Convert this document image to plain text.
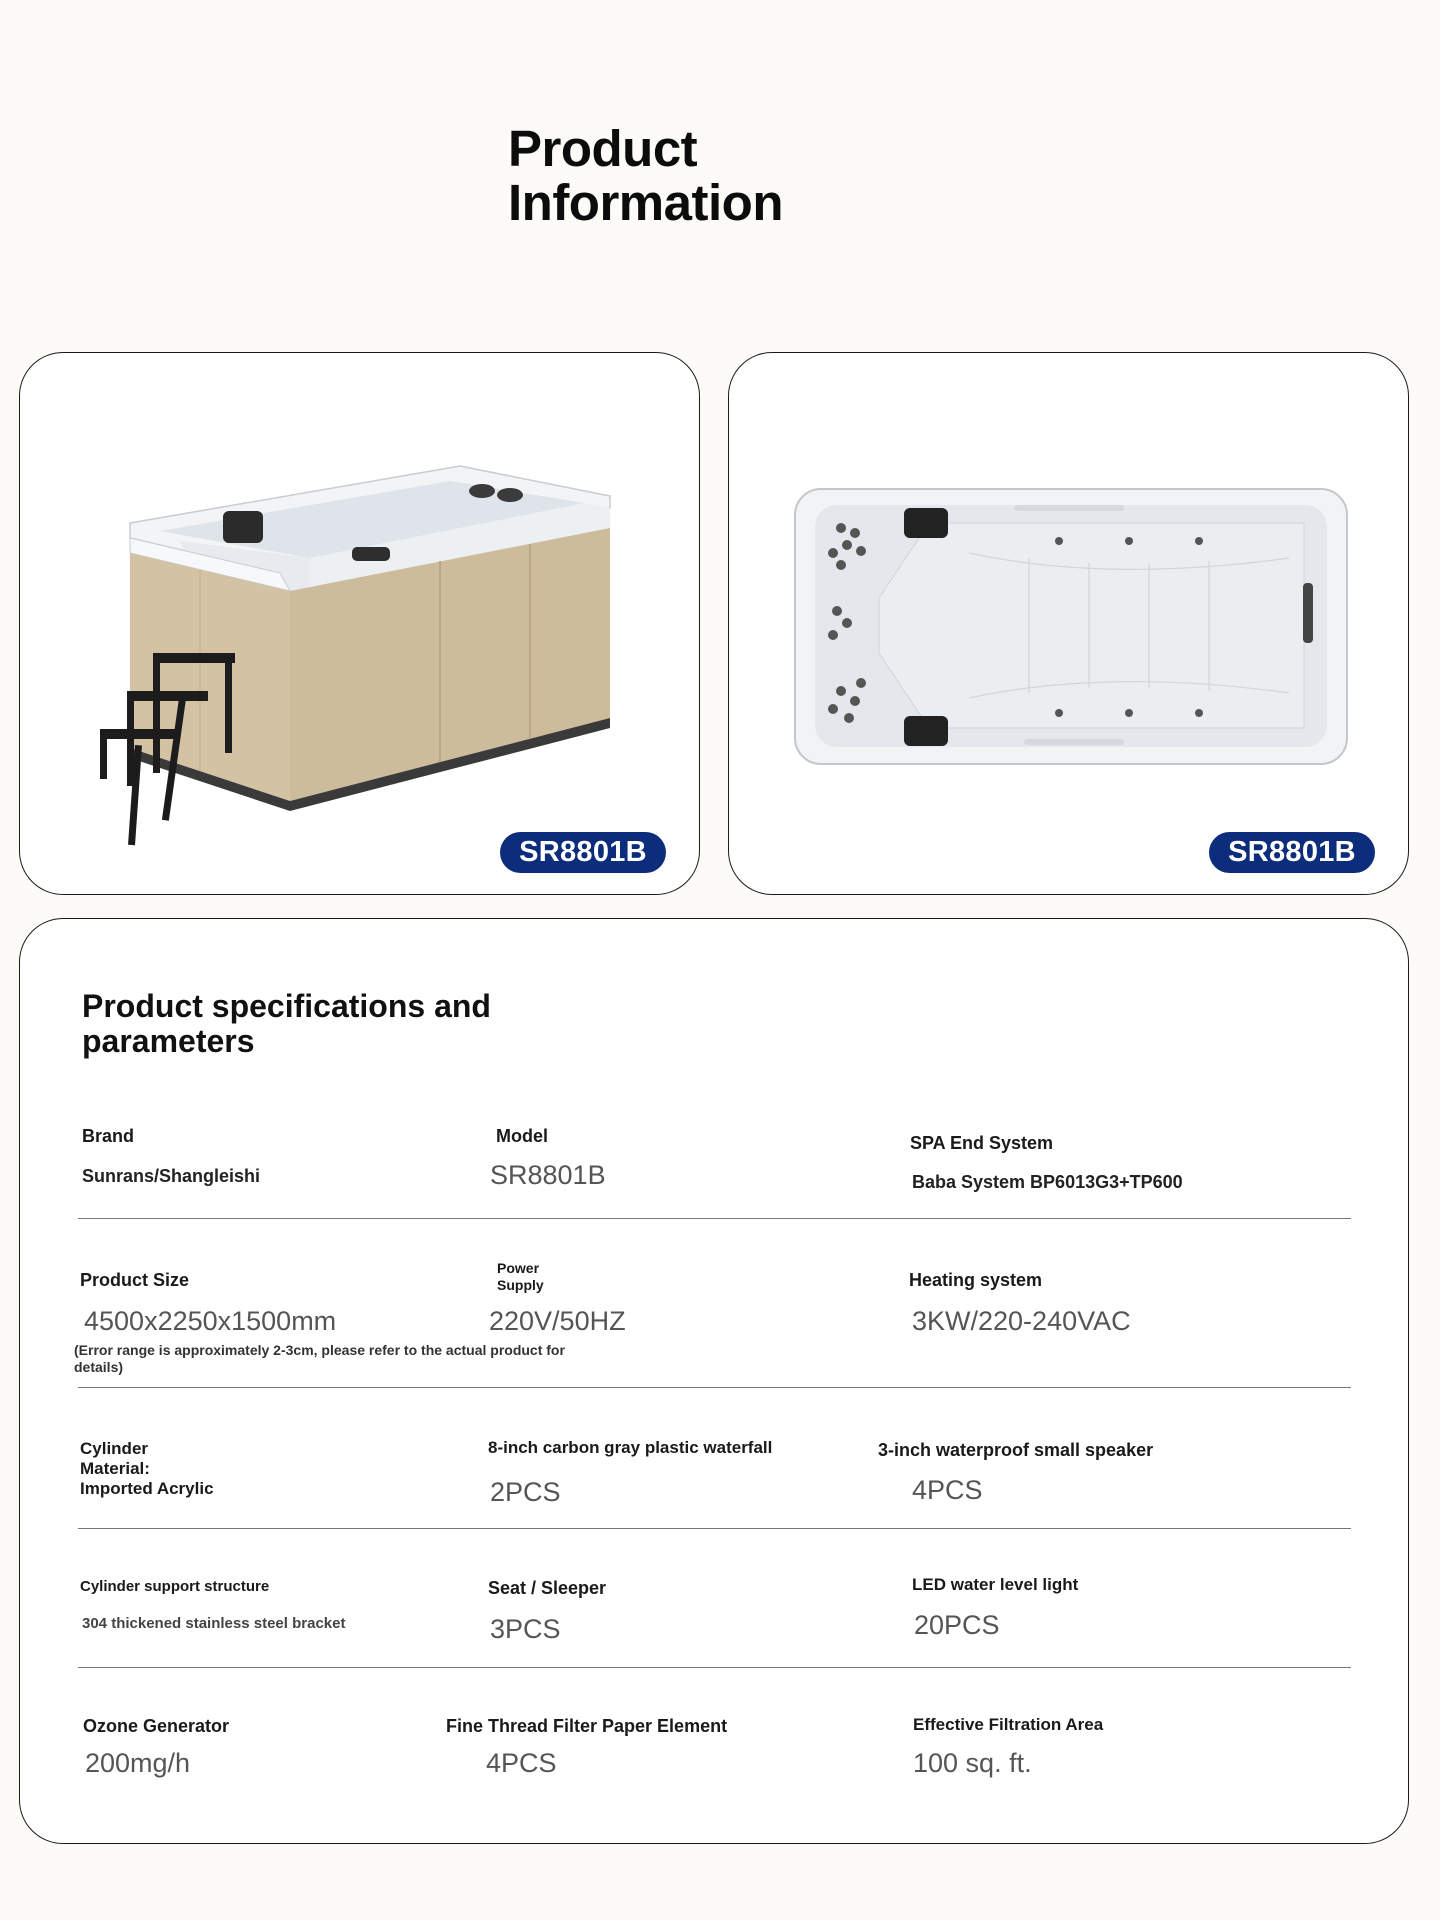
Product
Information
SR8801B	SR8801B
Product specifications and
parameters
Brand
Sunrans/Shangleishi
Model
SR8801B
SPA End System
Baba System BP6013G3+TP600
Product Size
4500x2250x1500mm
(Error range is approximately 2-3cm, please refer to the actual product for details)
Power
Supply
220V/50HZ
Heating system
3KW/220-240VAC
Cylinder
Material:
Imported Acrylic
8-inch carbon gray plastic waterfall
2PCS
3-inch waterproof small speaker
4PCS
Cylinder support structure
304 thickened stainless steel bracket
Seat / Sleeper
3PCS
LED water level light
20PCS
Ozone Generator
200mg/h
Fine Thread Filter Paper Element
4PCS
Effective Filtration Area
100 sq. ft.
